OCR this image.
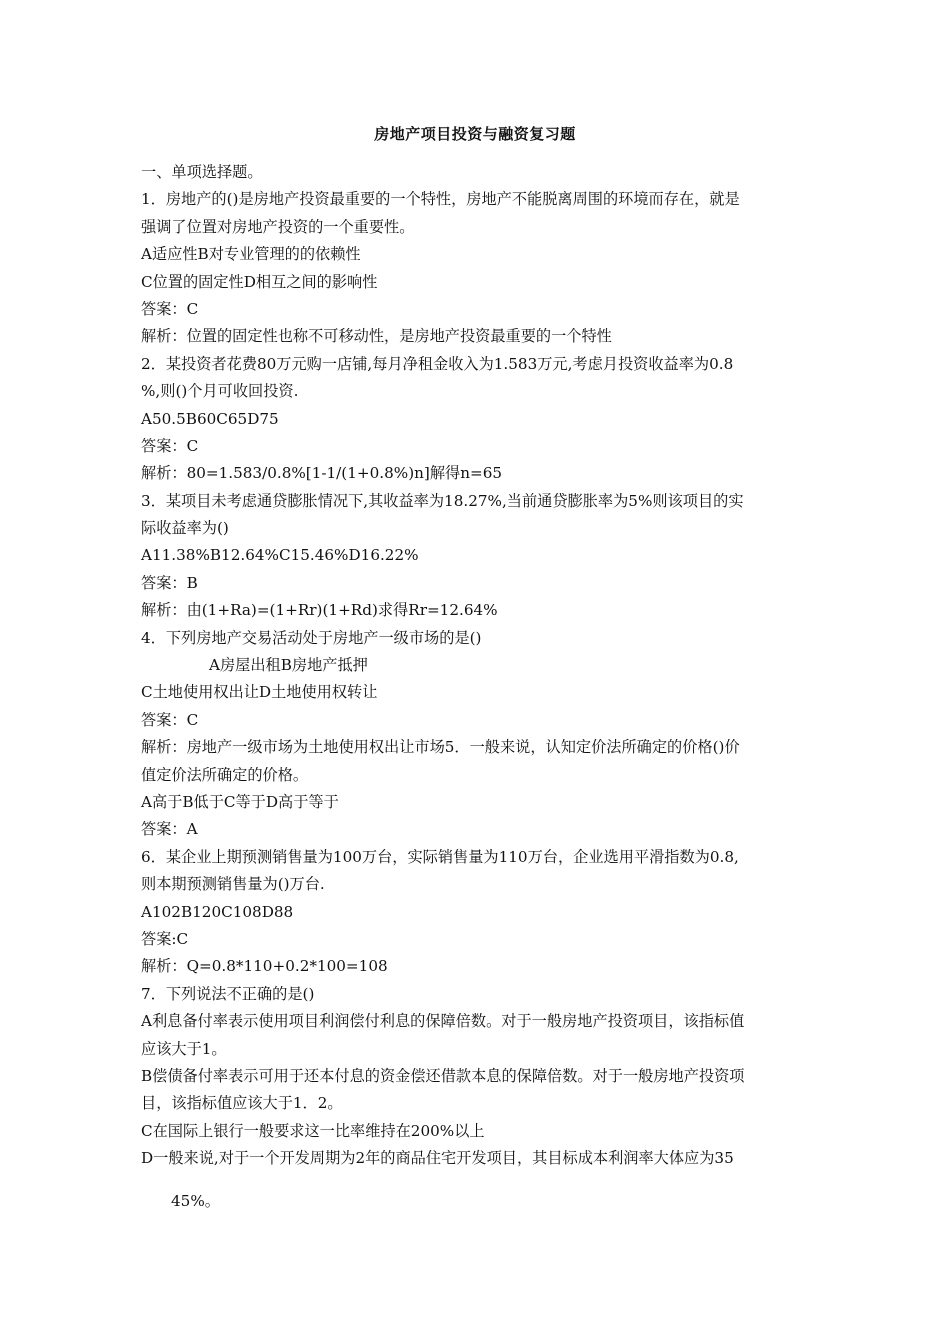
房地产项目投资与融资复习题
一、单项选择题。
1．房地产的()是房地产投资最重要的一个特性，房地产不能脱离周围的环境而存在，就是
强调了位置对房地产投资的一个重要性。
A适应性B对专业管理的的依赖性
C位置的固定性D相互之间的影响性
答案：C
解析：位置的固定性也称不可移动性，是房地产投资最重要的一个特性
2．某投资者花费80万元购一店铺,每月净租金收入为1.583万元,考虑月投资收益率为0.8
%,则()个月可收回投资.
A50.5B60C65D75
答案：C
解析：80=1.583/0.8%[1-1/(1+0.8%)n]解得n=65
3．某项目未考虑通贷膨胀情况下,其收益率为18.27%,当前通贷膨胀率为5%则该项目的实
际收益率为()
A11.38%B12.64%C15.46%D16.22%
答案：B
解析：由(1+Ra)=(1+Rr)(1+Rd)求得Rr=12.64%
4．下列房地产交易活动处于房地产一级市场的是()
A房屋出租B房地产抵押
C土地使用权出让D土地使用权转让
答案：C
解析：房地产一级市场为土地使用权出让市场5．一般来说，认知定价法所确定的价格()价
值定价法所确定的价格。
A高于B低于C等于D高于等于
答案：A
6．某企业上期预测销售量为100万台，实际销售量为110万台，企业选用平滑指数为0.8,
则本期预测销售量为()万台.
A102B120C108D88
答案:C
解析：Q=0.8*110+0.2*100=108
7．下列说法不正确的是()
A利息备付率表示使用项目利润偿付利息的保障倍数。对于一般房地产投资项目，该指标值
应该大于1。
B偿债备付率表示可用于还本付息的资金偿还借款本息的保障倍数。对于一般房地产投资项
目，该指标值应该大于1．2。
C在国际上银行一般要求这一比率维持在200%以上
D一般来说,对于一个开发周期为2年的商品住宅开发项目，其目标成本利润率大体应为35
45%。
